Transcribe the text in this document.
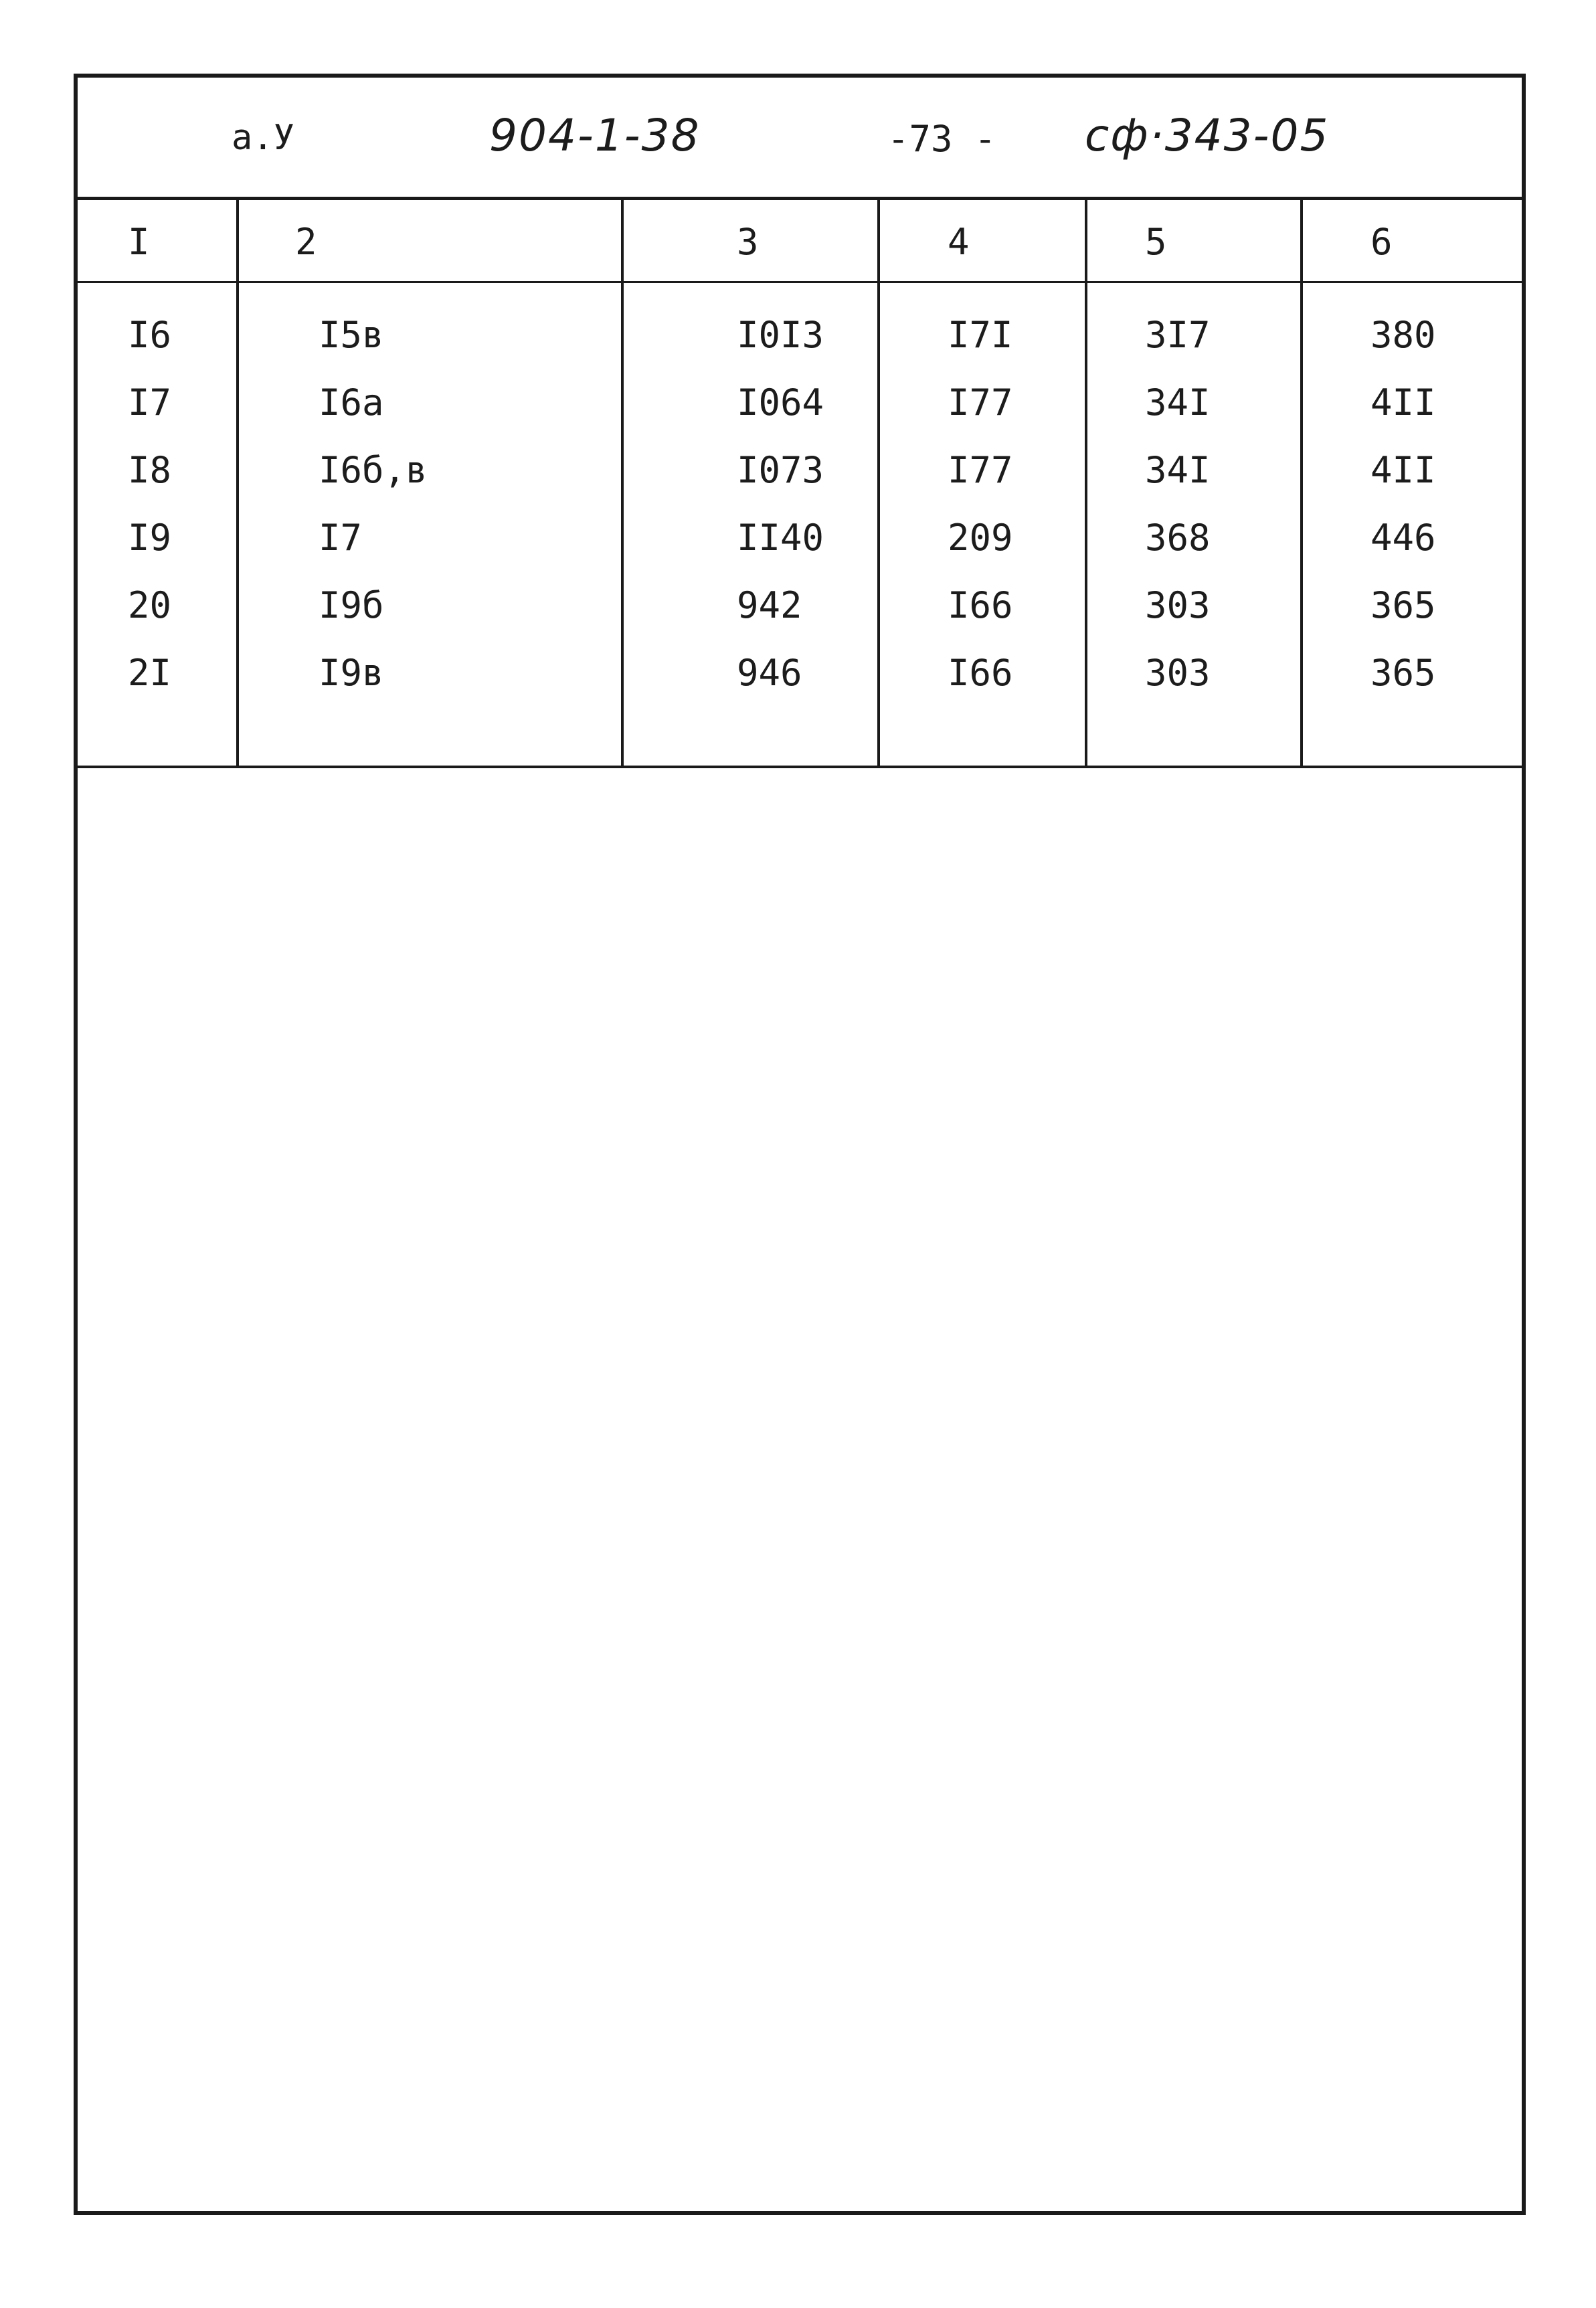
а.У	904-1-38	-73 - сф·343-05
I	2	3	4	5	6
I6	I5в	I0I3	I7I	3I7	380
I7	I6а	I064	I77	34I	4II
I8	I6б,в	I073	I77	34I	4II
I9	I7	II40	209	368	446
20	I9б	942	I66	303	365
2I	I9в	946	I66	303	365
